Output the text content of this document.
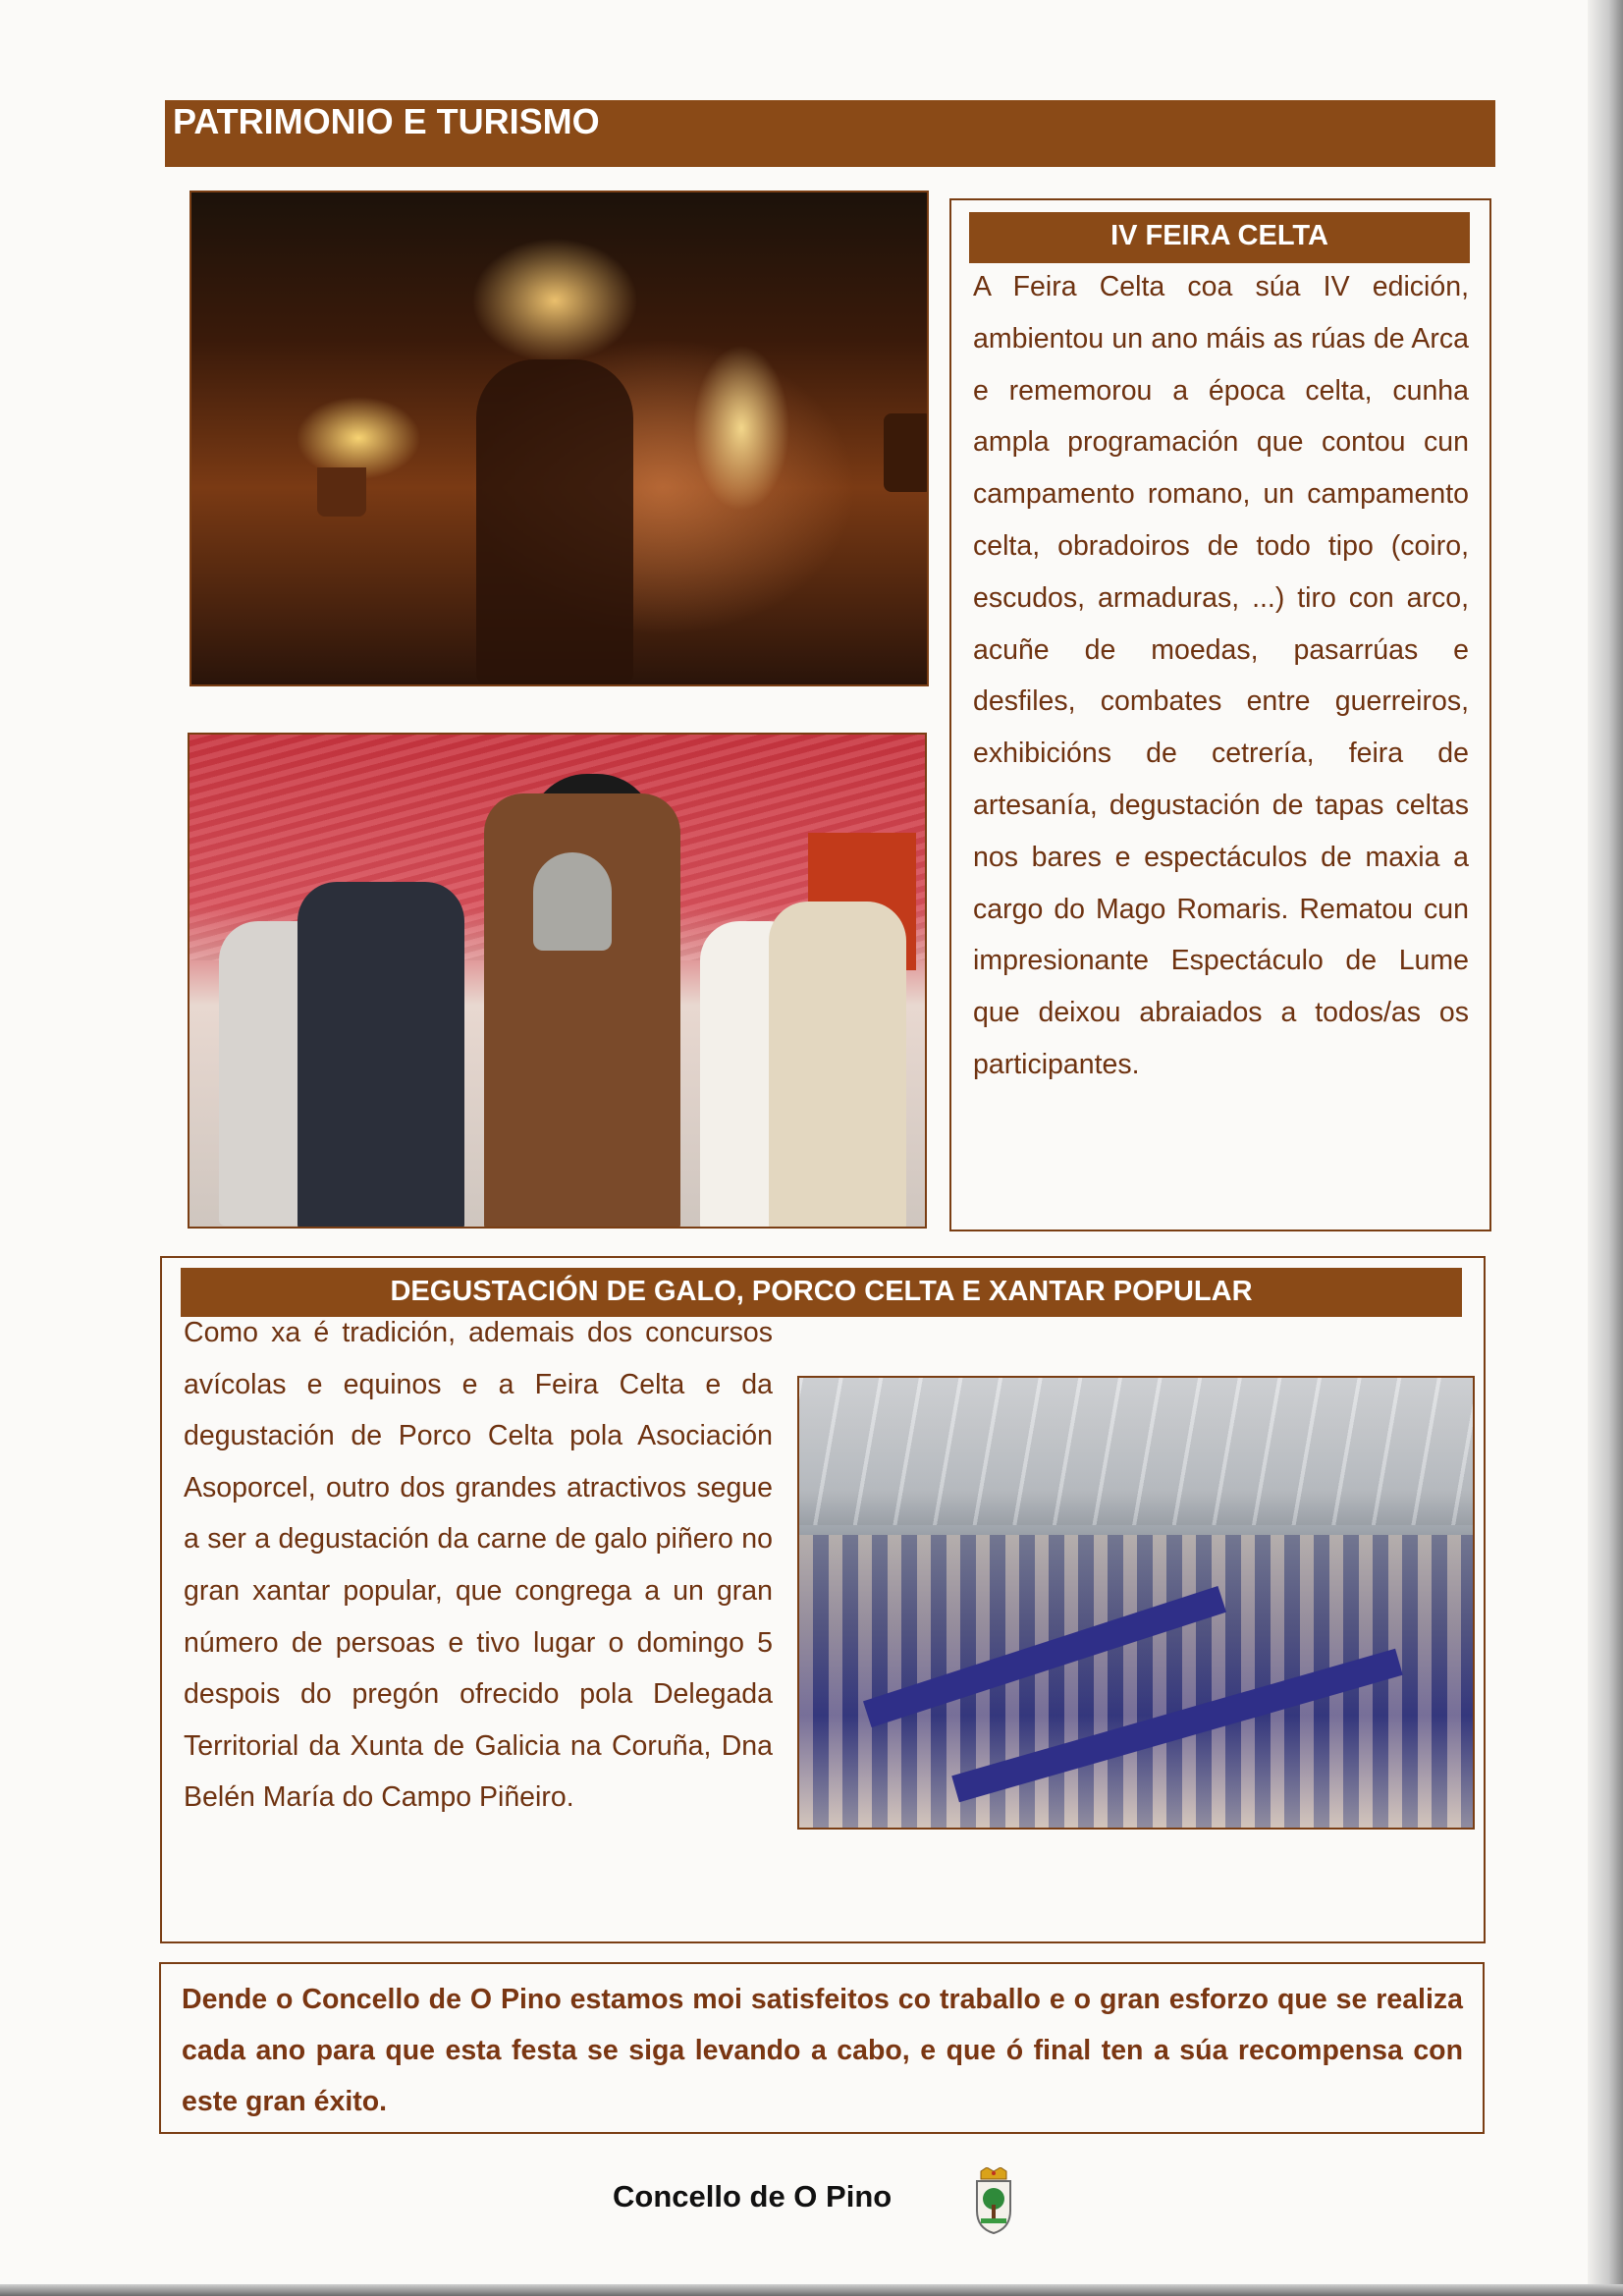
PATRIMONIO E TURISMO
IV FEIRA CELTA

A Feira Celta coa súa IV edición, ambientou un ano máis as rúas de Arca e rememorou a época celta, cunha ampla programación que contou cun campamento romano, un campamento celta, obradoiros de todo tipo (coiro, escudos, armaduras, ...) tiro con arco, acuñe de moedas, pasarrúas e desfiles, combates entre guerreiros, exhibicións de cetrería, feira de artesanía, degustación de tapas celtas nos bares e espectáculos de maxia a cargo do Mago Romaris. Rematou cun impresionante Espectáculo de Lume que deixou abraiados a todos/as os participantes.

DEGUSTACIÓN DE GALO, PORCO CELTA E XANTAR POPULAR

Como xa é tradición, ademais dos concursos avícolas e equinos e a Feira Celta e da degustación de Porco Celta pola Asociación Asoporcel, outro dos grandes atractivos segue a ser a degustación da carne de galo piñero no gran xantar popular, que congrega a un gran número de persoas e tivo lugar o domingo 5 despois do pregón ofrecido pola Delegada Territorial da Xunta de Galicia na Coruña, Dna Belén María do Campo Piñeiro.

Dende o Concello de O Pino estamos moi satisfeitos co traballo e o gran esforzo que se realiza cada ano para que esta festa se siga levando a cabo, e que ó final ten a súa recompensa con este gran éxito.

Concello de O Pino
